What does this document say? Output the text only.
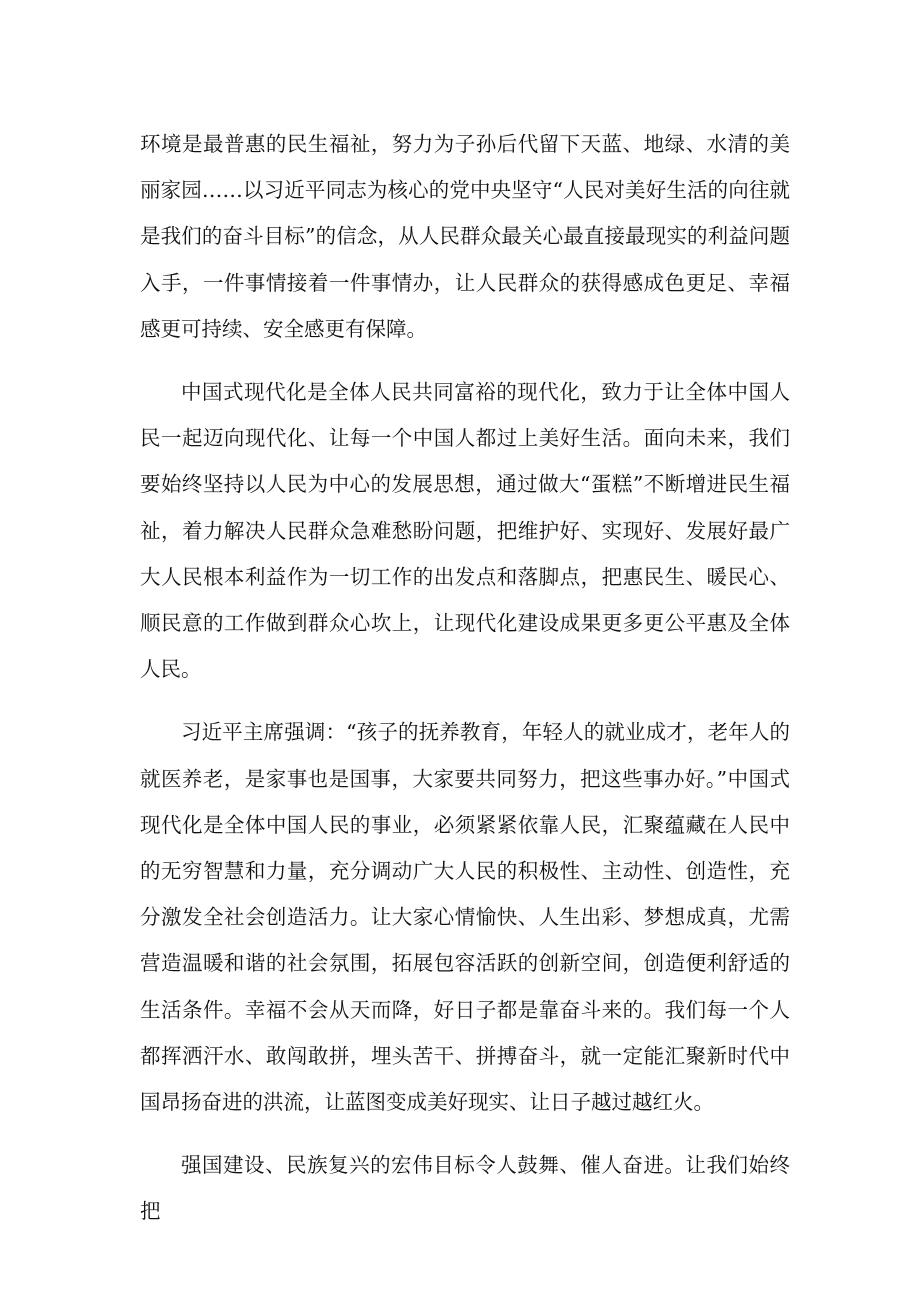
环境是最普惠的民生福祉，努力为子孙后代留下天蓝、地绿、水清的美丽家园……以习近平同志为核心的党中央坚守“人民对美好生活的向往就是我们的奋斗目标”的信念，从人民群众最关心最直接最现实的利益问题入手，一件事情接着一件事情办，让人民群众的获得感成色更足、幸福感更可持续、安全感更有保障。

中国式现代化是全体人民共同富裕的现代化，致力于让全体中国人民一起迈向现代化、让每一个中国人都过上美好生活。面向未来，我们要始终坚持以人民为中心的发展思想，通过做大“蛋糕”不断增进民生福祉，着力解决人民群众急难愁盼问题，把维护好、实现好、发展好最广大人民根本利益作为一切工作的出发点和落脚点，把惠民生、暖民心、顺民意的工作做到群众心坎上，让现代化建设成果更多更公平惠及全体人民。

习近平主席强调：“孩子的抚养教育，年轻人的就业成才，老年人的就医养老，是家事也是国事，大家要共同努力，把这些事办好。”中国式现代化是全体中国人民的事业，必须紧紧依靠人民，汇聚蕴藏在人民中的无穷智慧和力量，充分调动广大人民的积极性、主动性、创造性，充分激发全社会创造活力。让大家心情愉快、人生出彩、梦想成真，尤需营造温暖和谐的社会氛围，拓展包容活跃的创新空间，创造便利舒适的生活条件。幸福不会从天而降，好日子都是靠奋斗来的。我们每一个人都挥洒汗水、敢闯敢拼，埋头苦干、拼搏奋斗，就一定能汇聚新时代中国昂扬奋进的洪流，让蓝图变成美好现实、让日子越过越红火。

强国建设、民族复兴的宏伟目标令人鼓舞、催人奋进。让我们始终把
